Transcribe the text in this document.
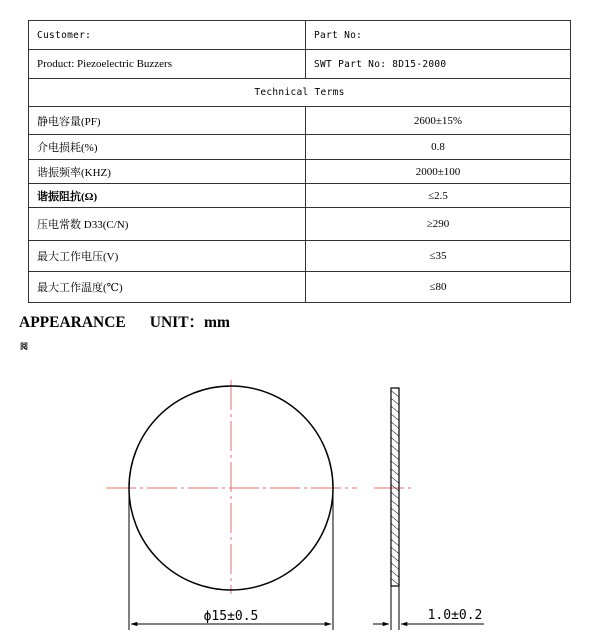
Customer:	Part No:
Product: Piezoelectric Buzzers	SWT Part No: 8D15-2000
Technical Terms	
静电容量(PF)	2600±15%
介电损耗(%)	0.8
谐振频率(KHZ)	2000±100
谐振阻抗(Ω)	≤2.5
压电常数 D33(C/N)	≥290
最大工作电压(V)	≤35
最大工作温度(℃)	≤80
APPEARANCE UNIT：mm
阅
ϕ15±0.5	1.0±0.2
